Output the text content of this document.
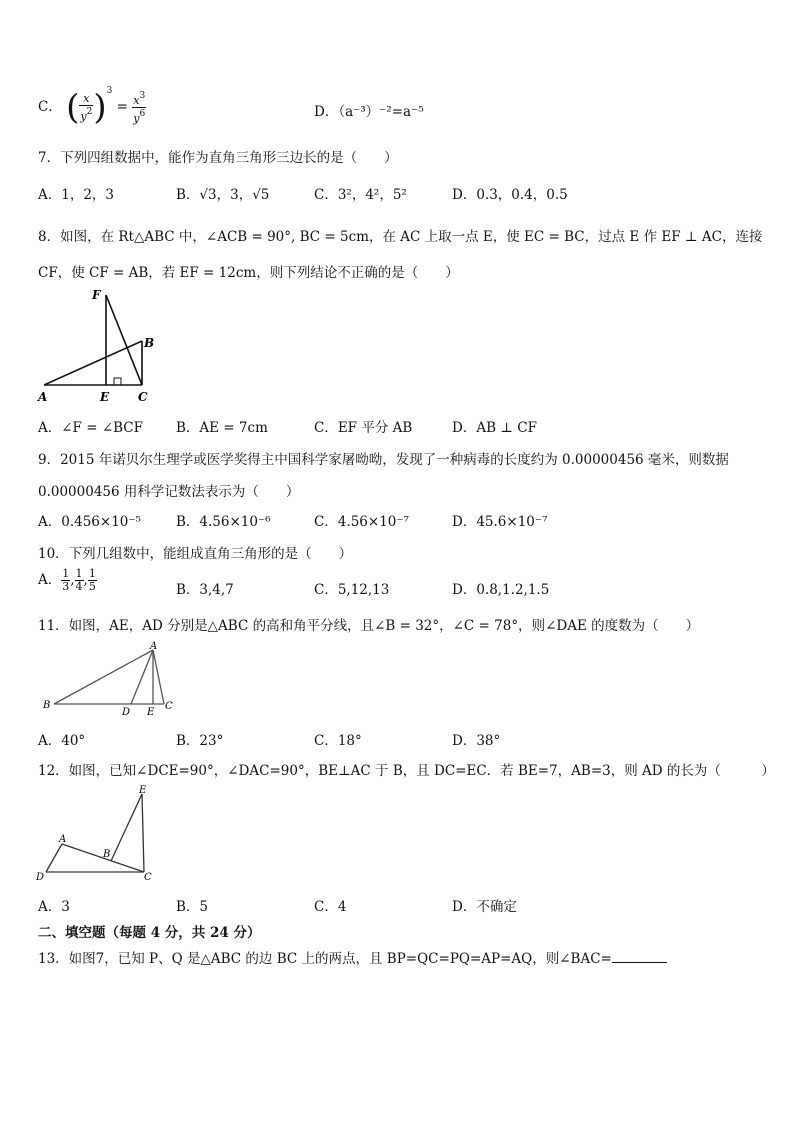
C． ( $\frac{x}{y^2} )^3 = \frac{x^3}{y^6}$	D．（a⁻³）⁻²=a⁻⁵
7．下列四组数据中，能作为直角三角形三边长的是（　　）
A．1，2，3	B．√3，3，√5	C．3²，4²，5²	D．0.3，0.4，0.5
8．如图，在 Rt△ABC 中，∠ACB = 90°, BC = 5cm，在 AC 上取一点 E，使 EC = BC，过点 E 作 EF ⊥ AC，连接
CF，使 CF = AB，若 EF = 12cm，则下列结论不正确的是（　　）
F
B
A	E C
A．∠F = ∠BCF B．AE = 7cm	C．EF 平分 AB	D．AB ⊥ CF
9．2015 年诺贝尔生理学或医学奖得主中国科学家屠呦呦，发现了一种病毒的长度约为 0.00000456 毫米，则数据
0.00000456 用科学记数法表示为（　　）
A．0.456×10⁻⁵	B．4.56×10⁻⁶	C．4.56×10⁻⁷	D．45.6×10⁻⁷
10．下列几组数中，能组成直角三角形的是（　　）
A． $\frac{1}{3}$ , $\frac{1}{4}$ , $\frac{1}{5}$	B．3,4,7	C．5,12,13	D．0.8,1.2,1.5
11．如图，AE，AD 分别是△ABC 的高和角平分线，且∠B = 32°，∠C = 78°，则∠DAE 的度数为（　　）
A
B
D E
C
A．40°	B．23°	C．18°	D．38°
12．如图，已知∠DCE=90°，∠DAC=90°，BE⊥AC 于 B，且 DC=EC．若 BE=7，AB=3，则 AD 的长为（　　　）
E
A
B
D	C
A．3	B．5	C．4	D．不确定
二、填空题（每题 4 分，共 24 分）
13．如图7，已知 P、Q 是△ABC 的边 BC 上的两点，且 BP=QC=PQ=AP=AQ，则∠BAC=
